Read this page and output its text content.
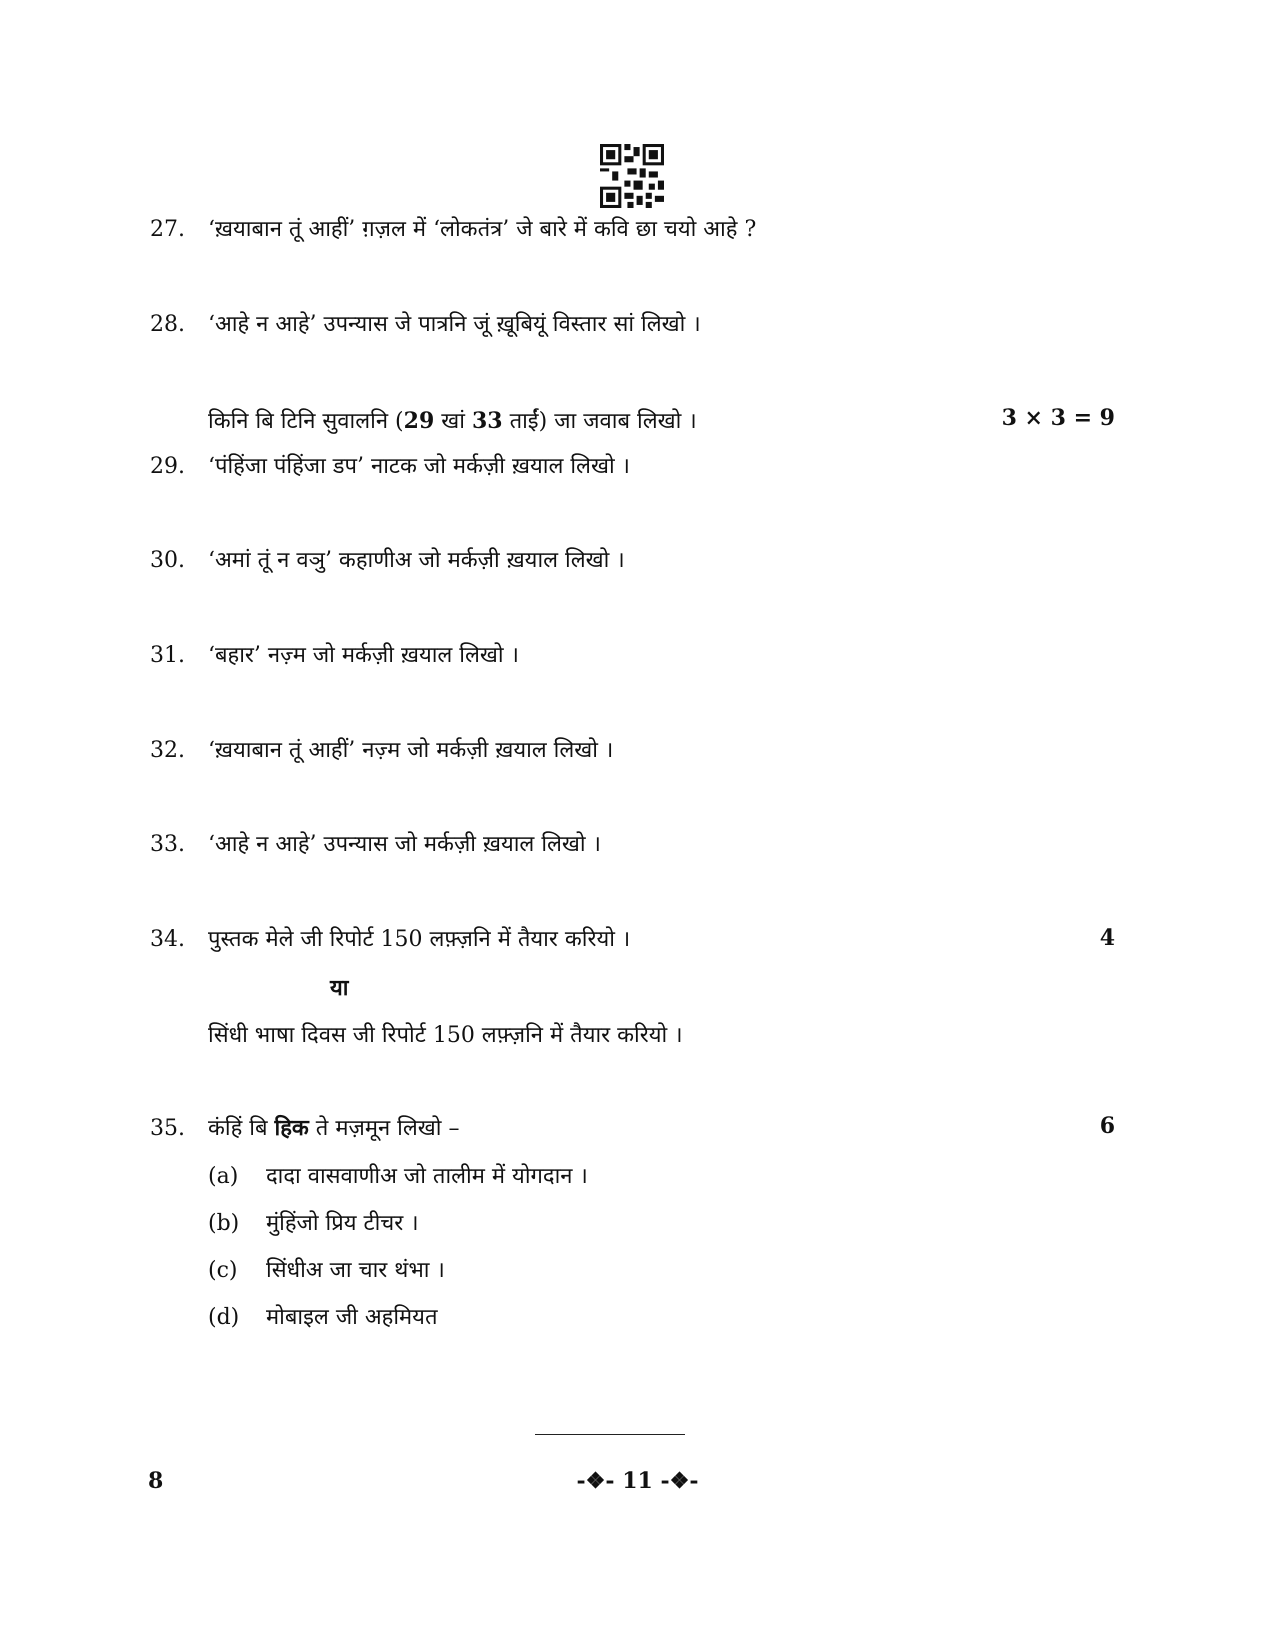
27. ‘ख़याबान तूं आहीं’ ग़ज़ल में ‘लोकतंत्र’ जे बारे में कवि छा चयो आहे ?
28. ‘आहे न आहे’ उपन्यास जे पात्रनि जूं ख़ूबियूं विस्तार सां लिखो ।
किनि बि टिनि सुवालनि (29 खां 33 ताईं) जा जवाब लिखो ।	3 × 3 = 9
29. ‘पंहिंजा पंहिंजा डप’ नाटक जो मर्कज़ी ख़याल लिखो ।
30. ‘अमां तूं न वञु’ कहाणीअ जो मर्कज़ी ख़याल लिखो ।
31. ‘बहार’ नज़्म जो मर्कज़ी ख़याल लिखो ।
32. ‘ख़याबान तूं आहीं’ नज़्म जो मर्कज़ी ख़याल लिखो ।
33. ‘आहे न आहे’ उपन्यास जो मर्कज़ी ख़याल लिखो ।
34. पुस्तक मेले जी रिपोर्ट 150 लफ़्ज़नि में तैयार करियो ।	4
या
सिंधी भाषा दिवस जी रिपोर्ट 150 लफ़्ज़नि में तैयार करियो ।
35. कंहिं बि हिक ते मज़मून लिखो –	6
(a) दादा वासवाणीअ जो तालीम में योगदान ।
(b) मुंहिंजो प्रिय टीचर ।
(c) सिंधीअ जा चार थंभा ।
(d) मोबाइल जी अहमियत
8	-❖- 11 -❖-
